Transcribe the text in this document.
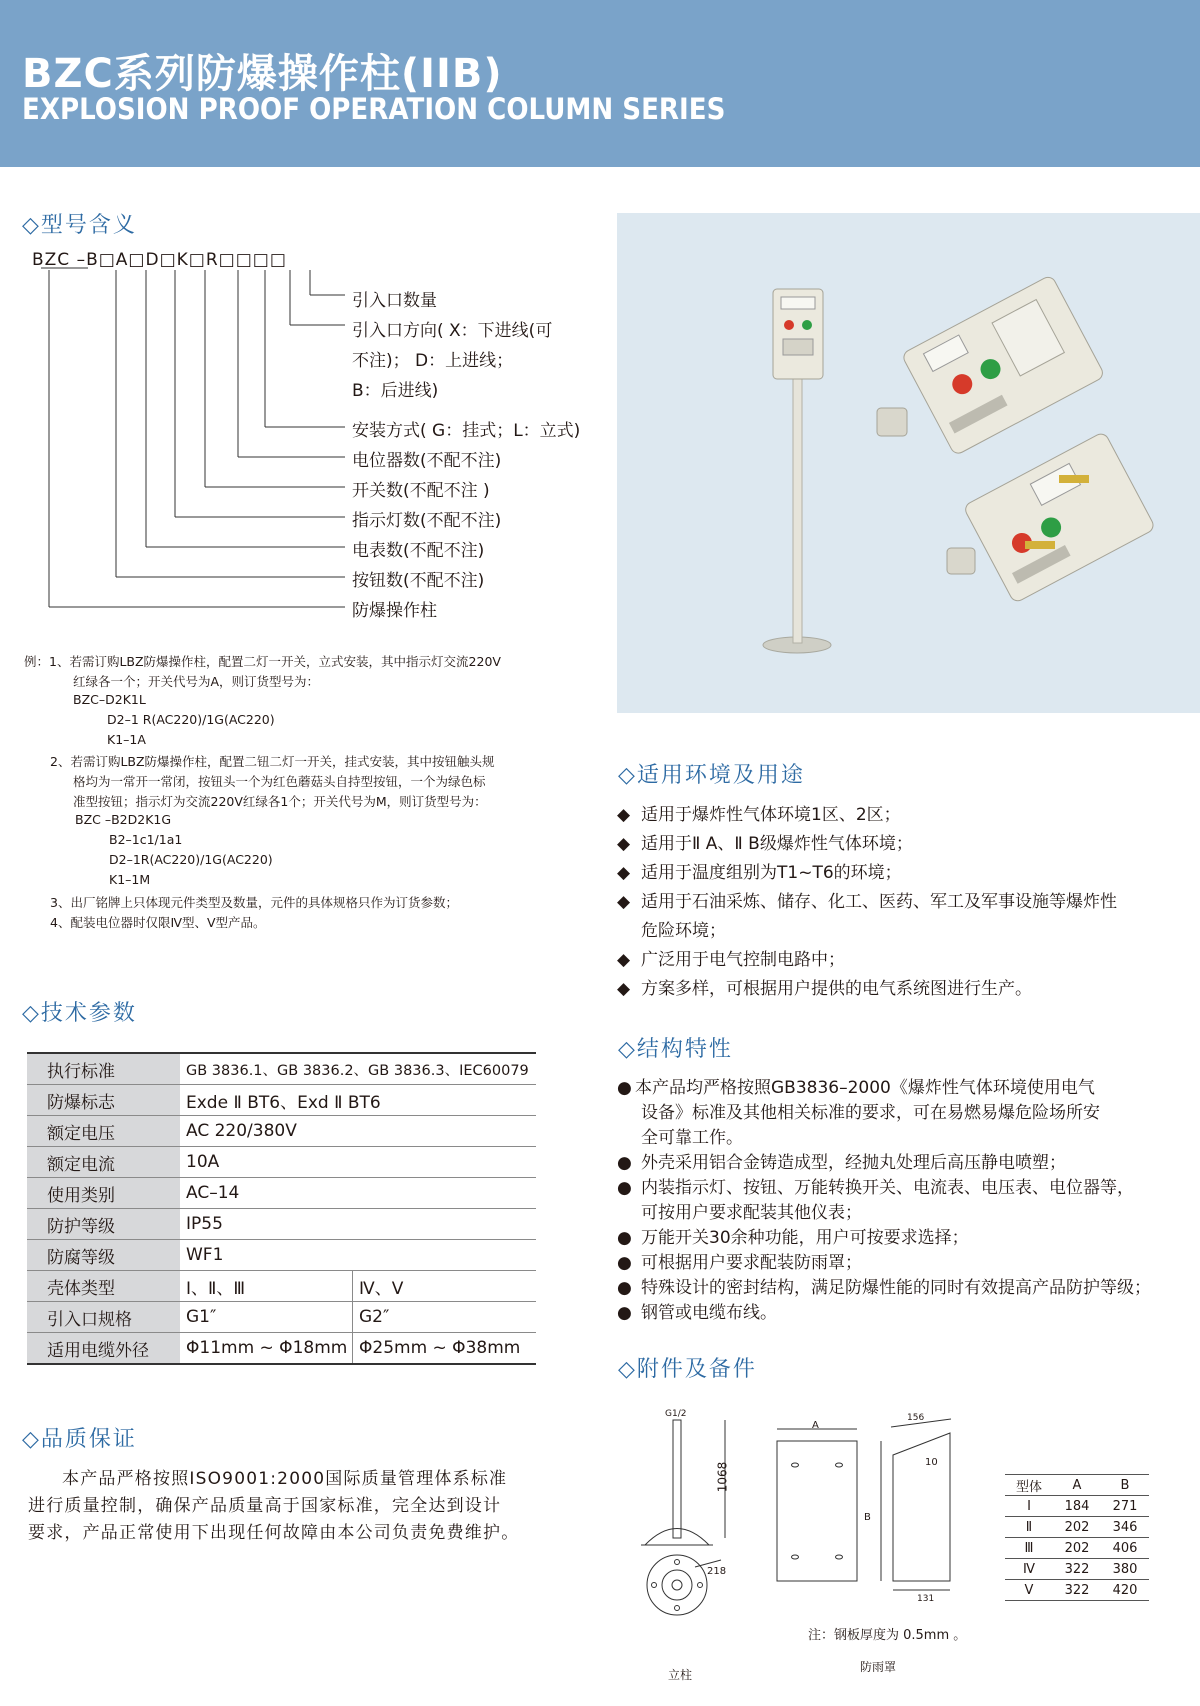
BZC系列防爆操作柱(IIB)
EXPLOSION PROOF OPERATION COLUMN SERIES
◇型号含义
BZC –B□A□D□K□R□□□□
引入口数量
引入口方向( X：下进线(可
不注)； D：上进线；
B：后进线)
安装方式( G：挂式；L：立式)
电位器数(不配不注)
开关数(不配不注 )
指示灯数(不配不注)
电表数(不配不注)
按钮数(不配不注)
防爆操作柱
例：1、若需订购LBZ防爆操作柱，配置二灯一开关，立式安装，其中指示灯交流220V
红绿各一个；开关代号为A，则订货型号为：
BZC–D2K1L
D2–1 R(AC220)/1G(AC220)
K1–1A
2、若需订购LBZ防爆操作柱，配置二钮二灯一开关，挂式安装，其中按钮触头规
格均为一常开一常闭，按钮头一个为红色蘑菇头自持型按钮，一个为绿色标
准型按钮；指示灯为交流220V红绿各1个；开关代号为M，则订货型号为：
BZC –B2D2K1G
B2–1c1/1a1
D2–1R(AC220)/1G(AC220)
K1–1M
3、出厂铭牌上只体现元件类型及数量，元件的具体规格只作为订货参数；
4、配装电位器时仅限Ⅳ型、Ⅴ型产品。
◇技术参数
执行标准	GB 3836.1、GB 3836.2、GB 3836.3、IEC60079	
防爆标志	Exde Ⅱ BT6、Exd Ⅱ BT6	
额定电压	AC 220/380V	
额定电流	10A	
使用类别	AC–14	
防护等级	IP55	
防腐等级	WF1	
壳体类型	Ⅰ、Ⅱ、Ⅲ	Ⅳ、Ⅴ
引入口规格	G1″	G2″
适用电缆外径	Φ11mm ~ Φ18mm	Φ25mm ~ Φ38mm
◇品质保证
本产品严格按照ISO9001:2000国际质量管理体系标准
进行质量控制，确保产品质量高于国家标准，完全达到设计
要求，产品正常使用下出现任何故障由本公司负责免费维护。
◇适用环境及用途
◆ 适用于爆炸性气体环境1区、2区；
◆ 适用于Ⅱ A、Ⅱ B级爆炸性气体环境；
◆ 适用于温度组别为T1~T6的环境；
◆ 适用于石油采炼、储存、化工、医药、军工及军事设施等爆炸性
危险环境；
◆ 广泛用于电气控制电路中；
◆ 方案多样，可根据用户提供的电气系统图进行生产。
◇结构特性
● 本产品均严格按照GB3836–2000《爆炸性气体环境使用电气
设备》标准及其他相关标准的要求，可在易燃易爆危险场所安
全可靠工作。
● 外壳采用铝合金铸造成型，经抛丸处理后高压静电喷塑；
● 内装指示灯、按钮、万能转换开关、电流表、电压表、电位器等，
可按用户要求配装其他仪表；
● 万能开关30余种功能，用户可按要求选择；
● 可根据用户要求配装防雨罩；
● 特殊设计的密封结构，满足防爆性能的同时有效提高产品防护等级；
● 钢管或电缆布线。
◇附件及备件
G1/2
1068
218
立柱
156
10
A
B
131
注：钢板厚度为 0.5mm 。
防雨罩
型体	A	B
Ⅰ	184	271
Ⅱ	202	346
Ⅲ	202	406
Ⅳ	322	380
Ⅴ	322	420
